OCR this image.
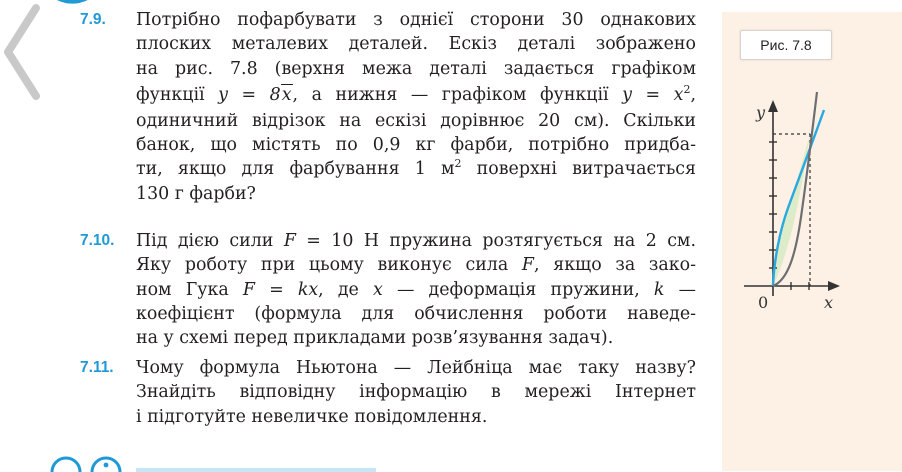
7.9. Потрібно пофарбувати з однієї сторони 30 однакових
плоских металевих деталей. Ескіз деталі зображено
на рис. 7.8 (верхня межа деталі задається графіком
функції y = 8x, а нижня — графіком функції $y = x^2$,
одиничний відрізок на ескізі дорівнює 20 см). Скільки
банок, що містять по 0,9 кг фарби, потрібно придба-
ти, якщо для фарбування 1 $м^2$ поверхні витрачається
130 г фарби?
7.10. Під дією сили F = 10 Н пружина розтягується на 2 см.
Яку роботу при цьому виконує сила F, якщо за зако-
ном Гука F = kx, де x — деформація пружини, k —
коефіцієнт (формула для обчислення роботи наведе-
на у схемі перед прикладами розв’язування задач).
7.11. Чому формула Ньютона — Лейбніца має таку назву?
Знайдіть відповідну інформацію в мережі Інтернет
і підготуйте невеличке повідомлення.
Рис. 7.8
y
x
0
